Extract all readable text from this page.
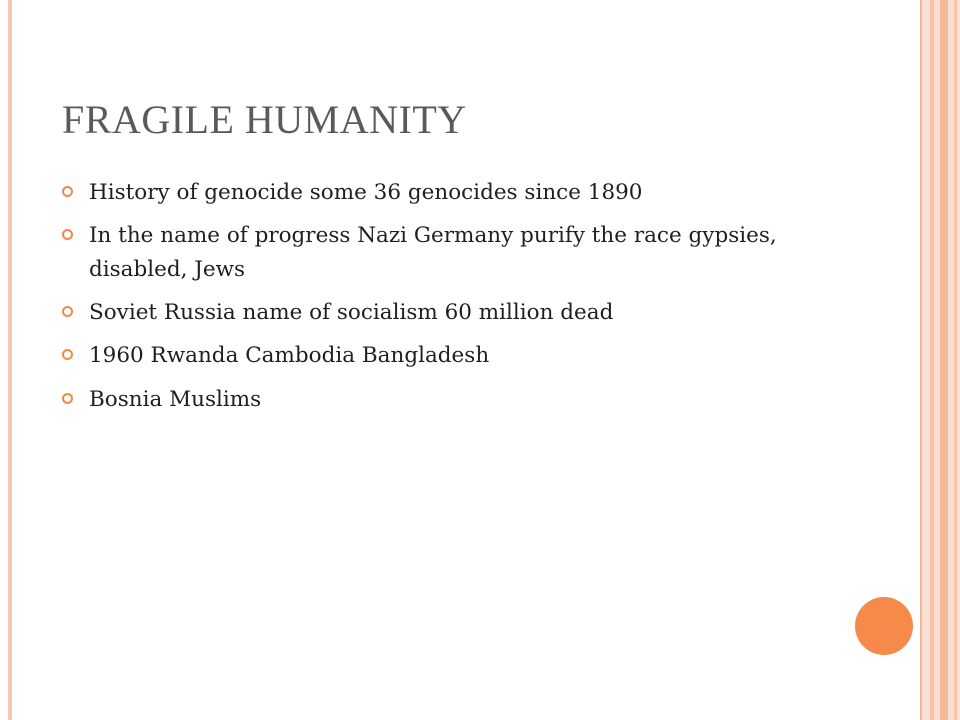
FRAGILE HUMANITY
History of genocide some 36 genocides since 1890
In the name of progress Nazi Germany purify the race gypsies, disabled, Jews
Soviet Russia name of socialism 60 million dead
1960 Rwanda Cambodia Bangladesh
Bosnia Muslims
